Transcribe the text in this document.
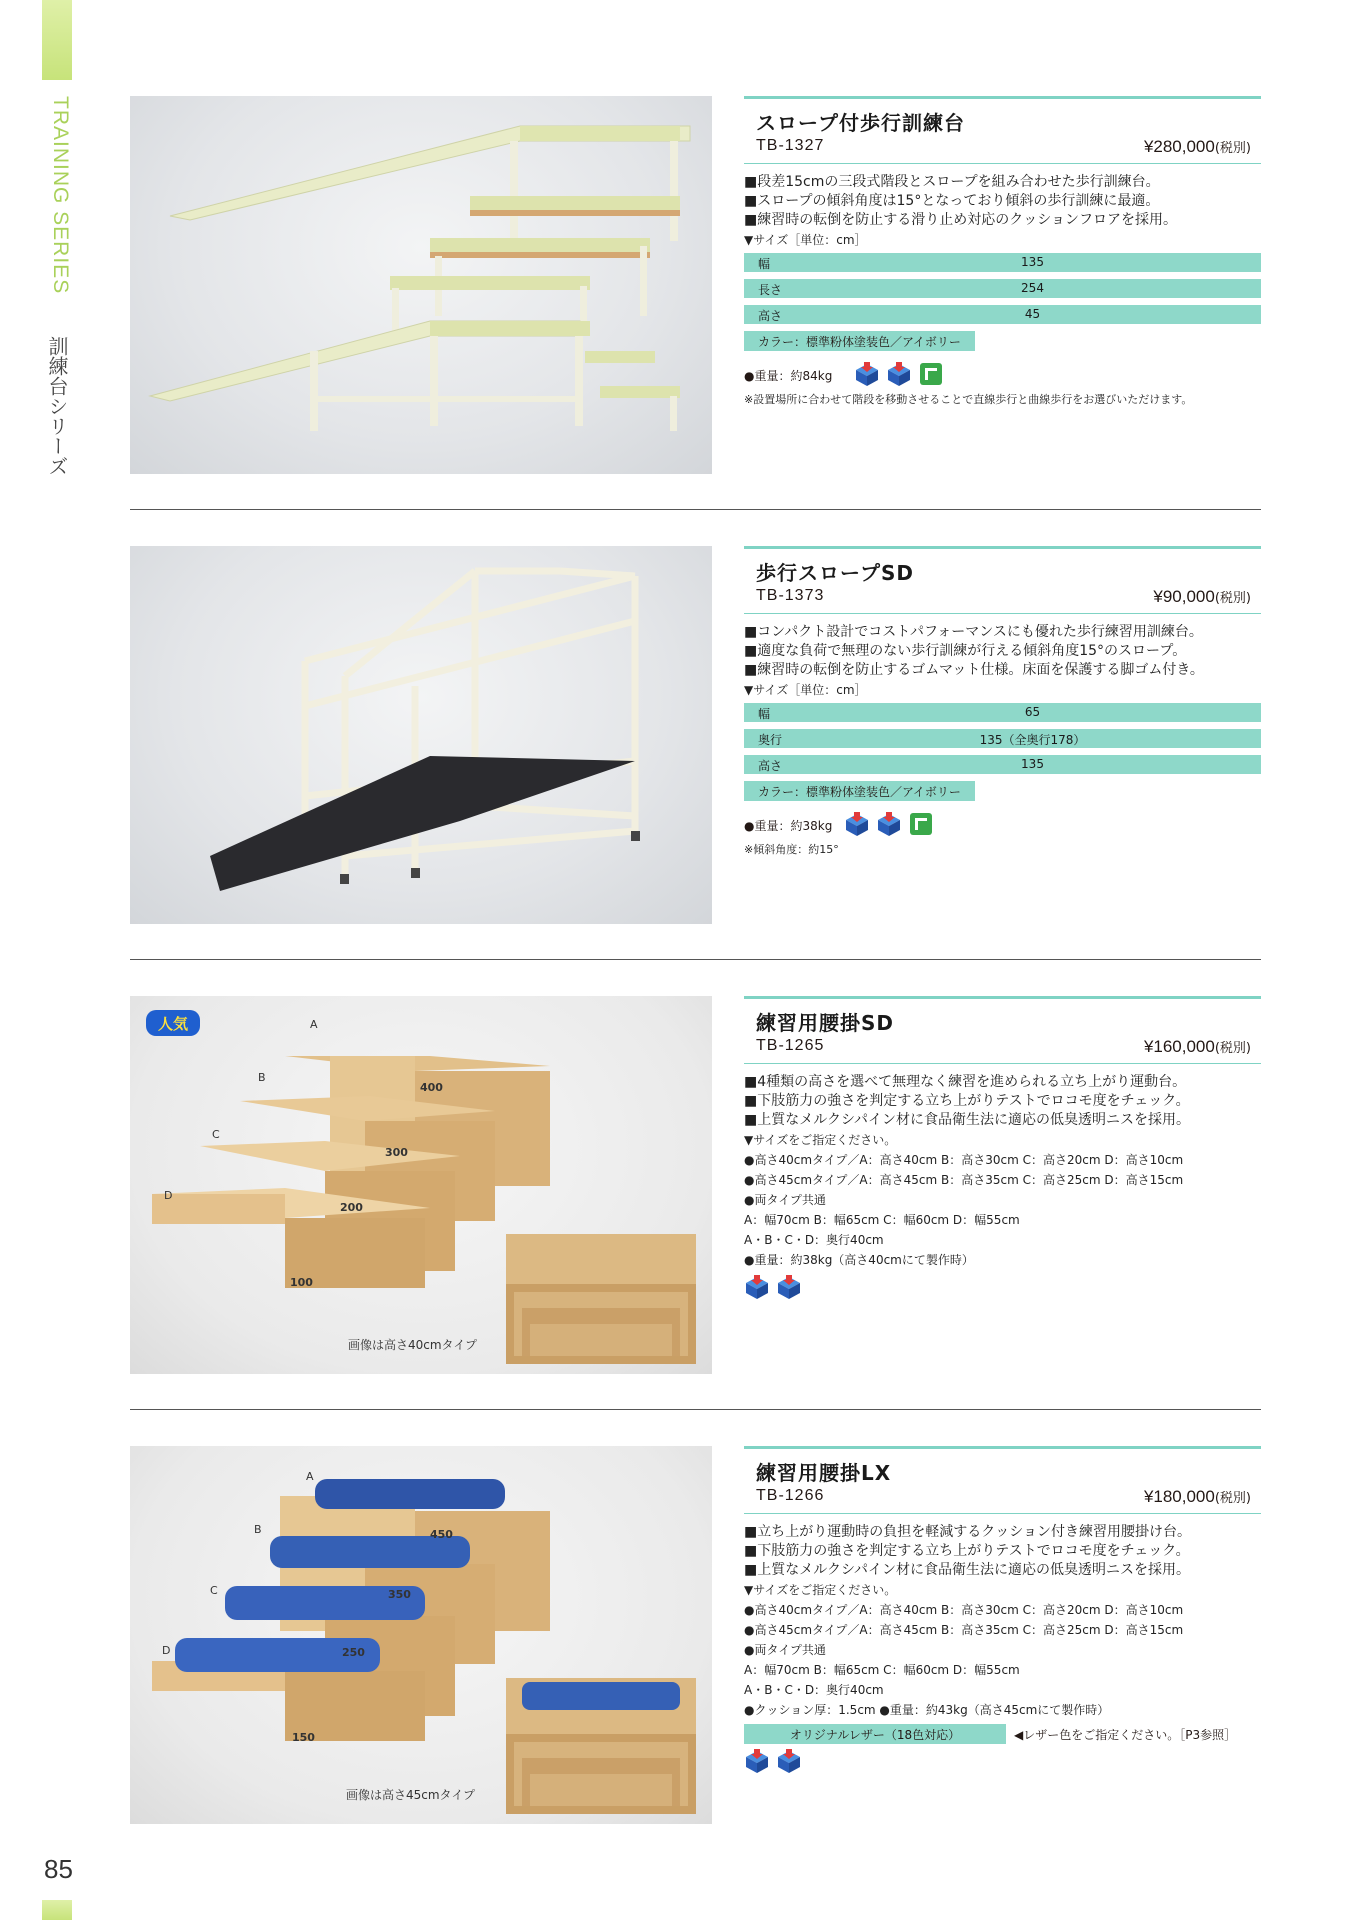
TRAINING SERIES
訓練台シリーズ
85
スロープ付歩行訓練台
TB-1327	¥280,000(税別)
■段差15cmの三段式階段とスロープを組み合わせた歩行訓練台。
■スロープの傾斜角度は15°となっており傾斜の歩行訓練に最適。
■練習時の転倒を防止する滑り止め対応のクッションフロアを採用。
▼サイズ［単位：cm］
幅	135
長さ	254
高さ	45
カラー：標準粉体塗装色／アイボリー
●重量：約84kg

※設置場所に合わせて階段を移動させることで直線歩行と曲線歩行をお選びいただけます。
歩行スロープSD
TB-1373	¥90,000(税別)
■コンパクト設計でコストパフォーマンスにも優れた歩行練習用訓練台。
■適度な負荷で無理のない歩行訓練が行える傾斜角度15°のスロープ。
■練習時の転倒を防止するゴムマット仕様。床面を保護する脚ゴム付き。
▼サイズ［単位：cm］
幅	65
奥行	135（全奥行178）
高さ	135
カラー：標準粉体塗装色／アイボリー
●重量：約38kg

※傾斜角度：約15°
人気
400
300
200
100
A
B
C
D
画像は高さ40cmタイプ
練習用腰掛SD
TB-1265	¥160,000(税別)
■4種類の高さを選べて無理なく練習を進められる立ち上がり運動台。
■下肢筋力の強さを判定する立ち上がりテストでロコモ度をチェック。
■上質なメルクシパイン材に食品衛生法に適応の低臭透明ニスを採用。
▼サイズをご指定ください。
●高さ40cmタイプ／A：高さ40cm B：高さ30cm C：高さ20cm D：高さ10cm
●高さ45cmタイプ／A：高さ45cm B：高さ35cm C：高さ25cm D：高さ15cm
●両タイプ共通
A：幅70cm B：幅65cm C：幅60cm D：幅55cm
A・B・C・D：奥行40cm
●重量：約38kg（高さ40cmにて製作時）

450
350
250
150
A
B
C
D
画像は高さ45cmタイプ
練習用腰掛LX
TB-1266	¥180,000(税別)
■立ち上がり運動時の負担を軽減するクッション付き練習用腰掛け台。
■下肢筋力の強さを判定する立ち上がりテストでロコモ度をチェック。
■上質なメルクシパイン材に食品衛生法に適応の低臭透明ニスを採用。
▼サイズをご指定ください。
●高さ40cmタイプ／A：高さ40cm B：高さ30cm C：高さ20cm D：高さ10cm
●高さ45cmタイプ／A：高さ45cm B：高さ35cm C：高さ25cm D：高さ15cm
●両タイプ共通
A：幅70cm B：幅65cm C：幅60cm D：幅55cm
A・B・C・D：奥行40cm
●クッション厚：1.5cm ●重量：約43kg（高さ45cmにて製作時）
オリジナルレザー（18色対応）	◀レザー色をご指定ください。［P3参照］
